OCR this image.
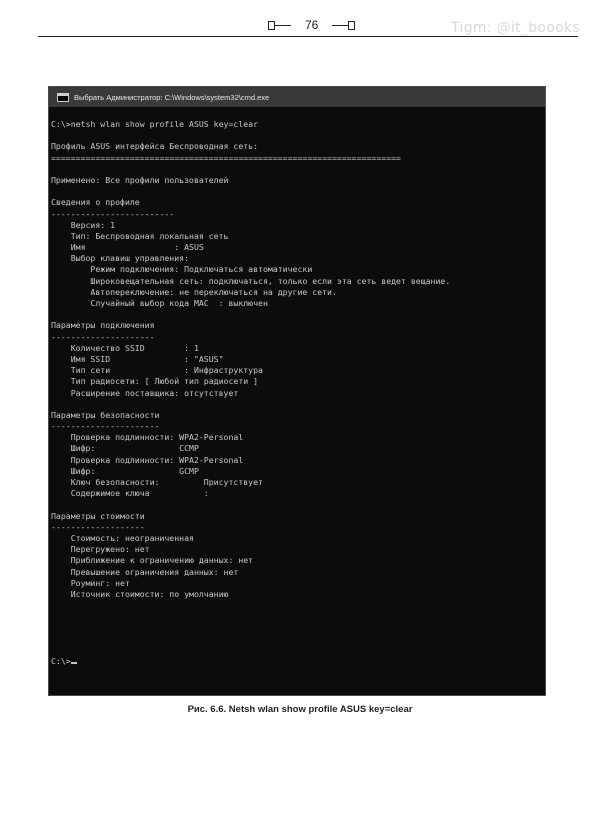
76	Tigm: @it_boooks
Выбрать Администратор: C:\Windows\system32\cmd.exe
C:\>netsh wlan show profile ASUS key=clear
Профиль ASUS интерфейса Беспроводная сеть:
=======================================================================
Применено: Все профили пользователей
Сведения о профиле
-------------------------
Версия: 1
Тип: Беспроводная локальная сеть
Имя                  : ASUS
Выбор клавиш управления:
Режим подключения: Подключаться автоматически
Широковещательная сеть: подключаться, только если эта сеть ведет вещание.
Автопереключение: не переключаться на другие сети.
Случайный выбор кода MAC  : выключен
Параметры подключения
---------------------
Количество SSID        : 1
Имя SSID               : "ASUS"
Тип сети               : Инфраструктура
Тип радиосети: [ Любой тип радиосети ]
Расширение поставщика: отсутствует
Параметры безопасности
----------------------
Проверка подлинности: WPA2-Personal
Шифр:                 CCMP
Проверка подлинности: WPA2-Personal
Шифр:                 GCMP
Ключ безопасности:         Присутствует
Содержимое ключа           :
Параметры стоимости
-------------------
Стоимость: неограниченная
Перегружено: нет
Приближение к ограничению данных: нет
Превышение ограничения данных: нет
Роуминг: нет
Источник стоимости: по умолчанию
C:\>
Рис. 6.6. Netsh wlan show profile ASUS key=clear
